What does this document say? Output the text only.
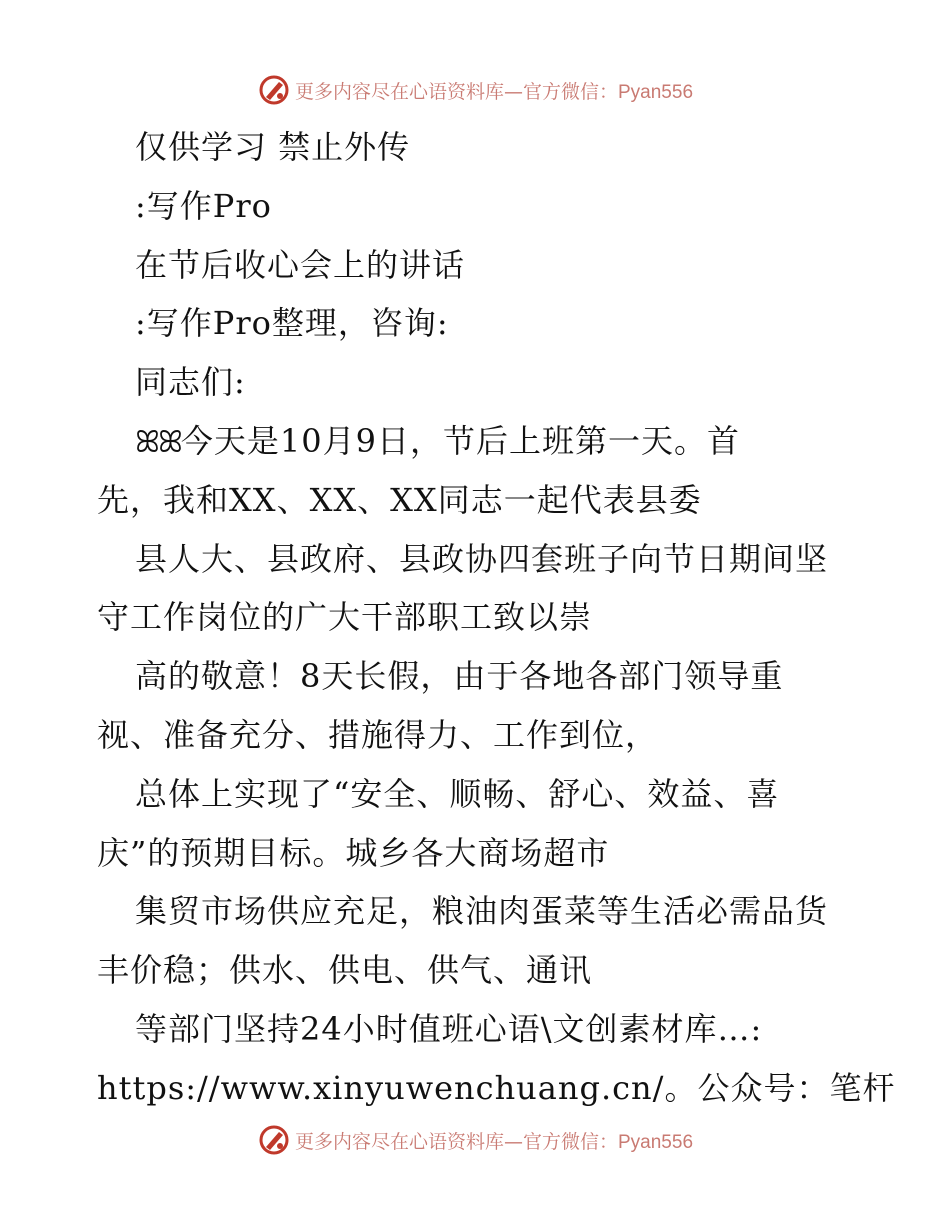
更多内容尽在心语资料库—官方微信：Pyan556
仅供学习 禁止外传
:写作Pro
在节后收心会上的讲话
:写作Pro整理，咨询:
同志们:
ꕤꕤ今天是10月9日，节后上班第一天。首
先，我和XX、XX、XX同志一起代表县委
县人大、县政府、县政协四套班子向节日期间坚
守工作岗位的广大干部职工致以崇
高的敬意！8天长假，由于各地各部门领导重
视、准备充分、措施得力、工作到位，
总体上实现了“安全、顺畅、舒心、效益、喜
庆”的预期目标。城乡各大商场超市
集贸市场供应充足，粮油肉蛋菜等生活必需品货
丰价稳；供水、供电、供气、通讯
等部门坚持24小时值班心语\文创素材库…:
https://www.xinyuwenchuang.cn/。公众号：笔杆
更多内容尽在心语资料库—官方微信：Pyan556
